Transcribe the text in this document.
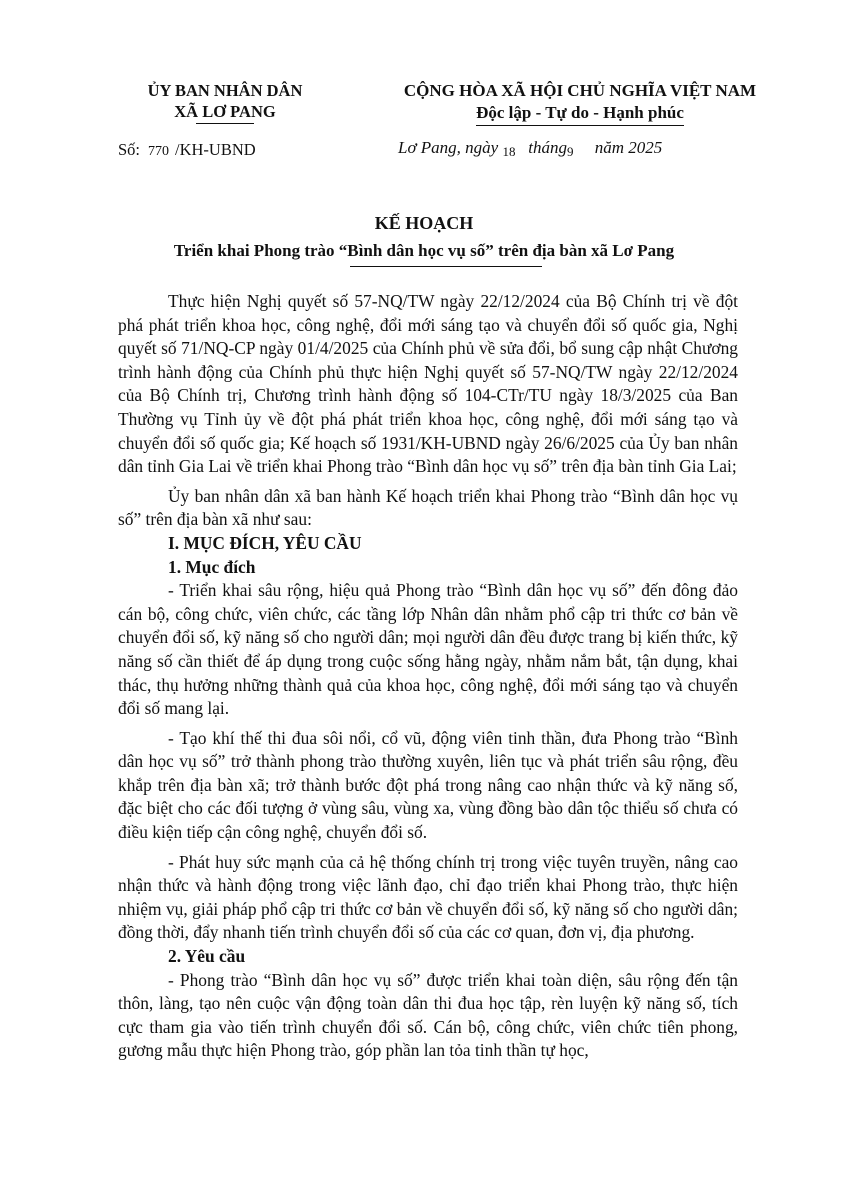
ỦY BAN NHÂN DÂN
XÃ LƠ PANG
CỘNG HÒA XÃ HỘI CHỦ NGHĨA VIỆT NAM
Độc lập - Tự do - Hạnh phúc
Số: 770 /KH-UBND	Lơ Pang, ngày 18 tháng9 năm 2025
KẾ HOẠCH
Triển khai Phong trào “Bình dân học vụ số” trên địa bàn xã Lơ Pang

Thực hiện Nghị quyết số 57-NQ/TW ngày 22/12/2024 của Bộ Chính trị về đột phá phát triển khoa học, công nghệ, đổi mới sáng tạo và chuyển đổi số quốc gia, Nghị quyết số 71/NQ-CP ngày 01/4/2025 của Chính phủ về sửa đổi, bổ sung cập nhật Chương trình hành động của Chính phủ thực hiện Nghị quyết số 57-NQ/TW ngày 22/12/2024 của Bộ Chính trị, Chương trình hành động số 104-CTr/TU ngày 18/3/2025 của Ban Thường vụ Tỉnh ủy về đột phá phát triển khoa học, công nghệ, đổi mới sáng tạo và chuyển đổi số quốc gia; Kế hoạch số 1931/KH-UBND ngày 26/6/2025 của Ủy ban nhân dân tỉnh Gia Lai về triển khai Phong trào “Bình dân học vụ số” trên địa bàn tỉnh Gia Lai;

Ủy ban nhân dân xã ban hành Kế hoạch triển khai Phong trào “Bình dân học vụ số” trên địa bàn xã như sau:

I. MỤC ĐÍCH, YÊU CẦU
1. Mục đích

- Triển khai sâu rộng, hiệu quả Phong trào “Bình dân học vụ số” đến đông đảo cán bộ, công chức, viên chức, các tầng lớp Nhân dân nhằm phổ cập tri thức cơ bản về chuyển đổi số, kỹ năng số cho người dân; mọi người dân đều được trang bị kiến thức, kỹ năng số cần thiết để áp dụng trong cuộc sống hằng ngày, nhằm nắm bắt, tận dụng, khai thác, thụ hưởng những thành quả của khoa học, công nghệ, đổi mới sáng tạo và chuyển đổi số mang lại.

- Tạo khí thế thi đua sôi nổi, cổ vũ, động viên tinh thần, đưa Phong trào “Bình dân học vụ số” trở thành phong trào thường xuyên, liên tục và phát triển sâu rộng, đều khắp trên địa bàn xã; trở thành bước đột phá trong nâng cao nhận thức và kỹ năng số, đặc biệt cho các đối tượng ở vùng sâu, vùng xa, vùng đồng bào dân tộc thiểu số chưa có điều kiện tiếp cận công nghệ, chuyển đổi số.

- Phát huy sức mạnh của cả hệ thống chính trị trong việc tuyên truyền, nâng cao nhận thức và hành động trong việc lãnh đạo, chỉ đạo triển khai Phong trào, thực hiện nhiệm vụ, giải pháp phổ cập tri thức cơ bản về chuyển đổi số, kỹ năng số cho người dân; đồng thời, đẩy nhanh tiến trình chuyển đổi số của các cơ quan, đơn vị, địa phương.

2. Yêu cầu

- Phong trào “Bình dân học vụ số” được triển khai toàn diện, sâu rộng đến tận thôn, làng, tạo nên cuộc vận động toàn dân thi đua học tập, rèn luyện kỹ năng số, tích cực tham gia vào tiến trình chuyển đổi số. Cán bộ, công chức, viên chức tiên phong, gương mẫu thực hiện Phong trào, góp phần lan tỏa tinh thần tự học,
